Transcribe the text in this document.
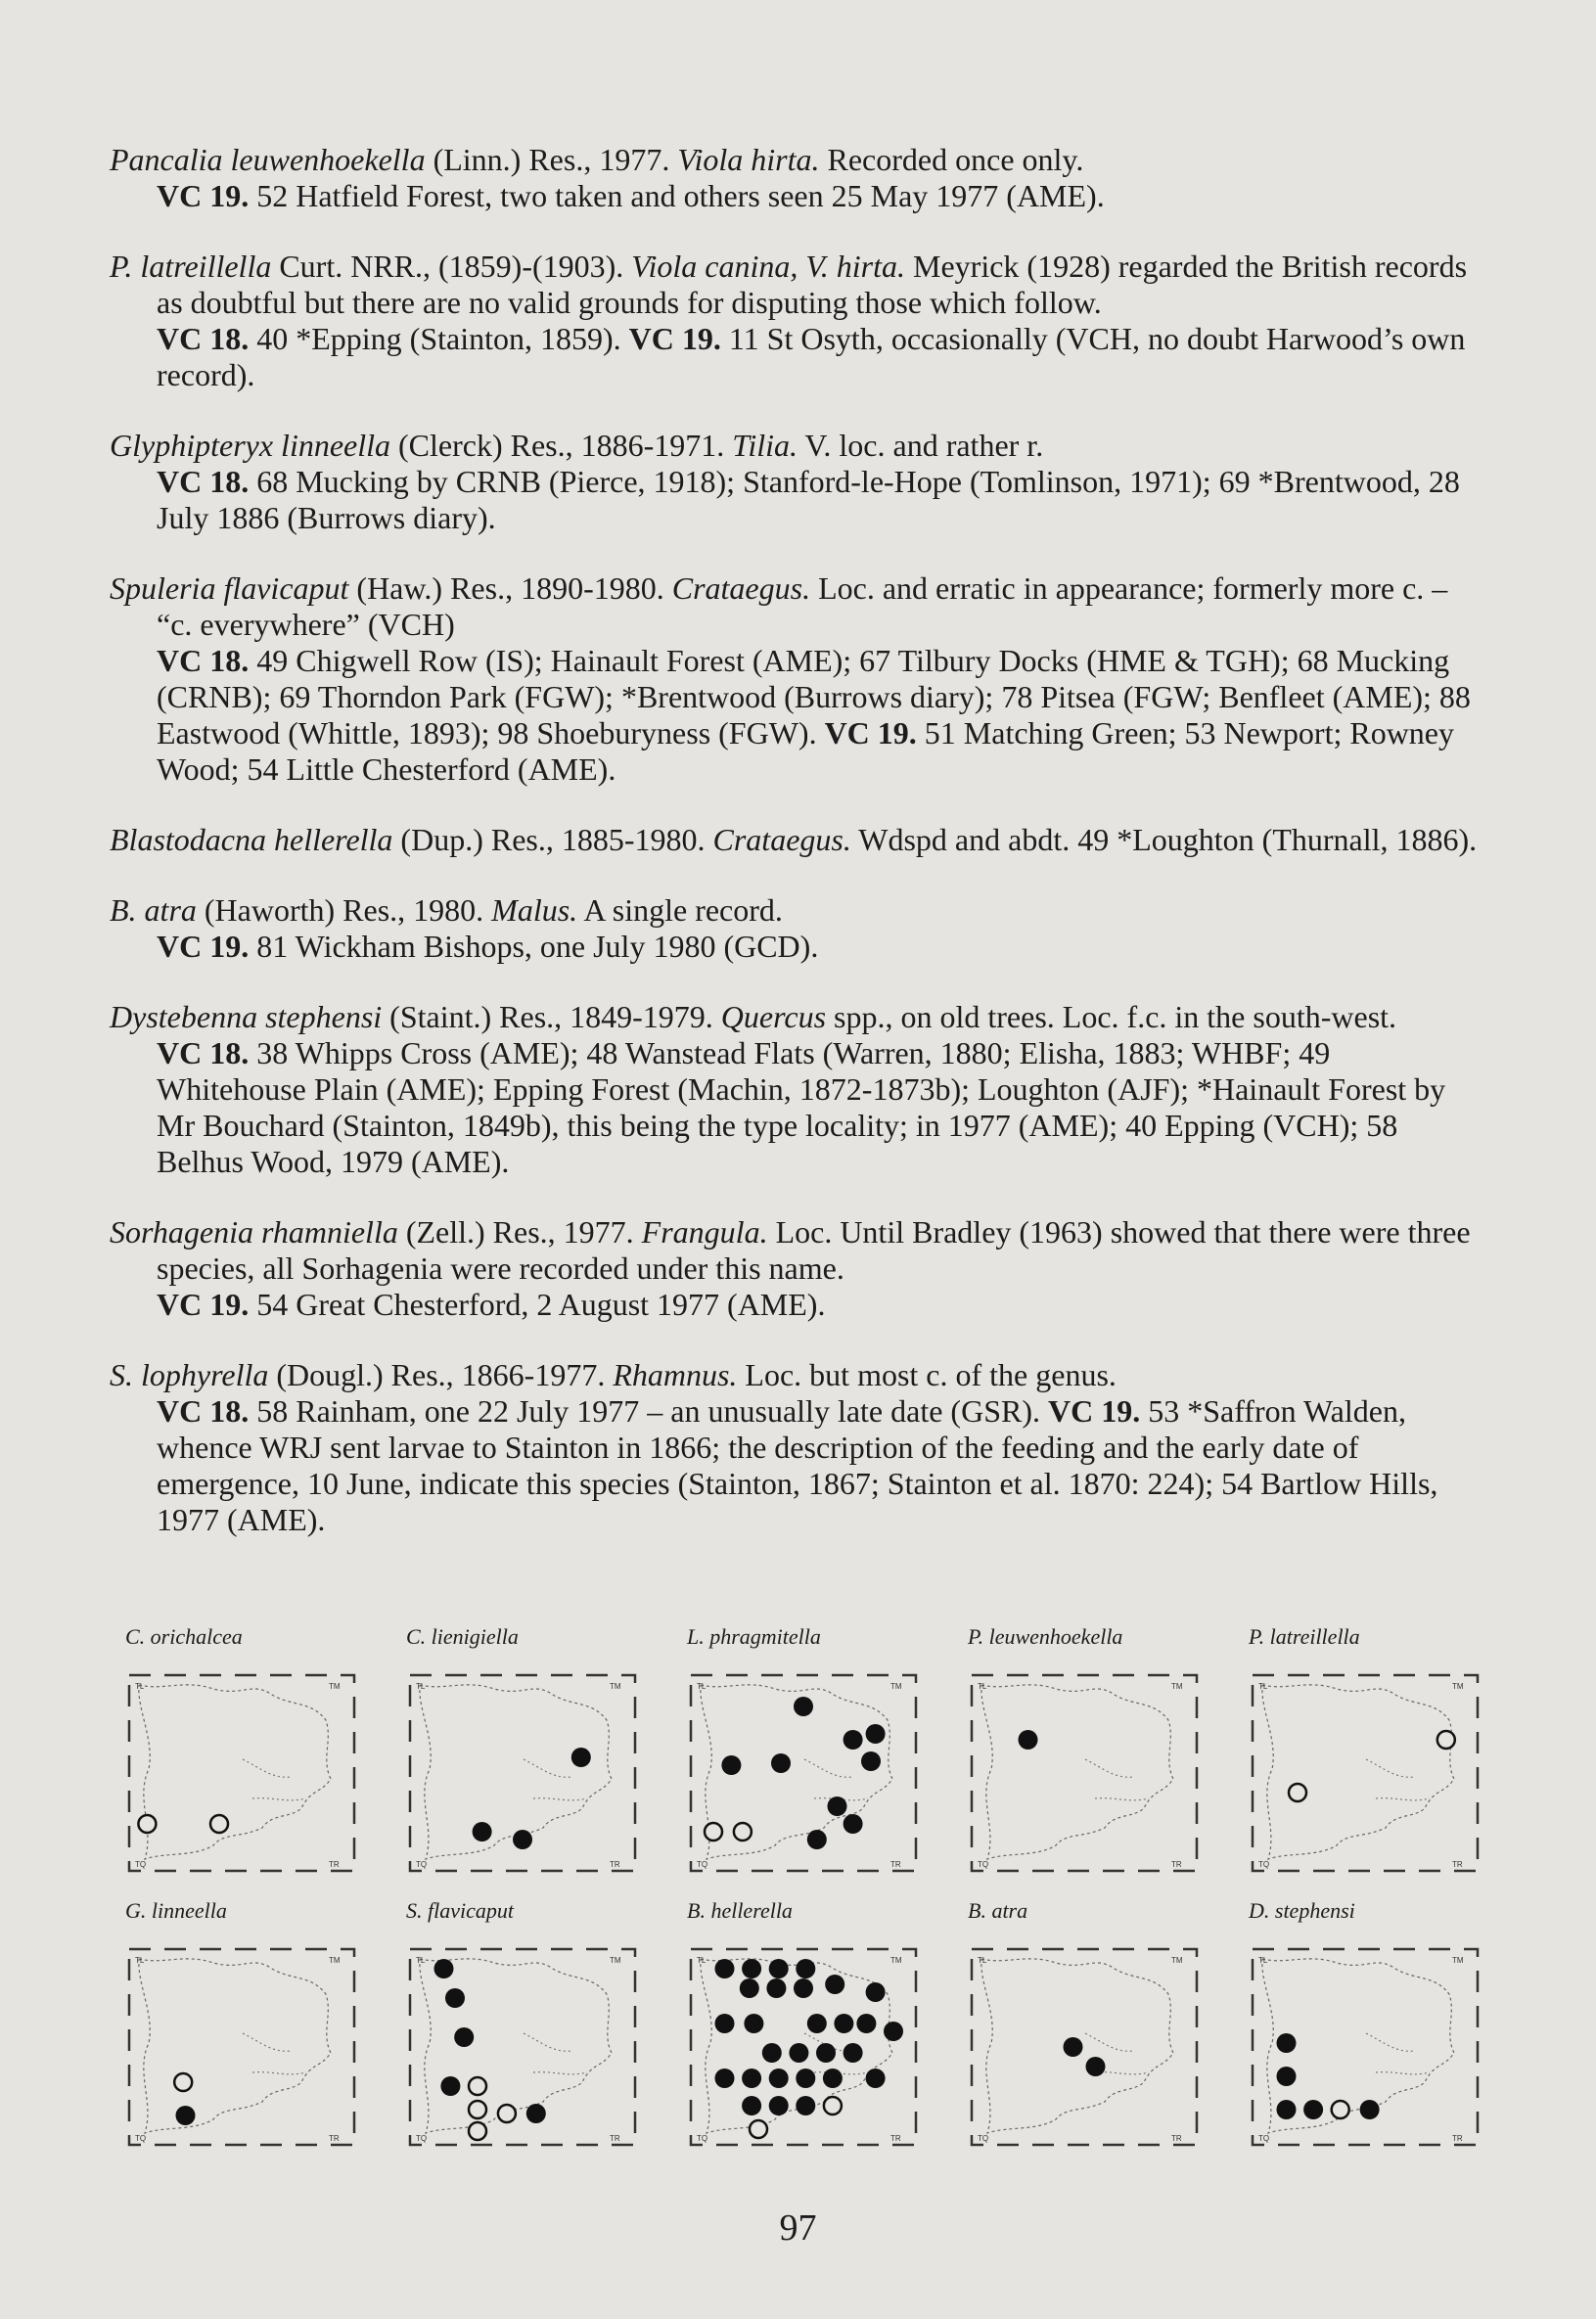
Pancalia leuwenhoekella (Linn.) Res., 1977. Viola hirta. Recorded once only.

VC 19. 52 Hatfield Forest, two taken and others seen 25 May 1977 (AME).

P. latreillella Curt. NRR., (1859)-(1903). Viola canina, V. hirta. Meyrick (1928) regarded the British records as doubtful but there are no valid grounds for disputing those which follow.

VC 18. 40 *Epping (Stainton, 1859). VC 19. 11 St Osyth, occasionally (VCH, no doubt Harwood’s own record).

Glyphipteryx linneella (Clerck) Res., 1886-1971. Tilia. V. loc. and rather r.

VC 18. 68 Mucking by CRNB (Pierce, 1918); Stanford-le-Hope (Tomlinson, 1971); 69 *Brentwood, 28 July 1886 (Burrows diary).

Spuleria flavicaput (Haw.) Res., 1890-1980. Crataegus. Loc. and erratic in appearance; formerly more c. – “c. everywhere” (VCH)

VC 18. 49 Chigwell Row (IS); Hainault Forest (AME); 67 Tilbury Docks (HME & TGH); 68 Mucking (CRNB); 69 Thorndon Park (FGW); *Brentwood (Burrows diary); 78 Pitsea (FGW; Benfleet (AME); 88 Eastwood (Whittle, 1893); 98 Shoeburyness (FGW). VC 19. 51 Matching Green; 53 Newport; Rowney Wood; 54 Little Chesterford (AME).

Blastodacna hellerella (Dup.) Res., 1885-1980. Crataegus. Wdspd and abdt. 49 *Loughton (Thurnall, 1886).

B. atra (Haworth) Res., 1980. Malus. A single record.

VC 19. 81 Wickham Bishops, one July 1980 (GCD).

Dystebenna stephensi (Staint.) Res., 1849-1979. Quercus spp., on old trees. Loc. f.c. in the south-west.

VC 18. 38 Whipps Cross (AME); 48 Wanstead Flats (Warren, 1880; Elisha, 1883; WHBF; 49 Whitehouse Plain (AME); Epping Forest (Machin, 1872-1873b); Loughton (AJF); *Hainault Forest by Mr Bouchard (Stainton, 1849b), this being the type locality; in 1977 (AME); 40 Epping (VCH); 58 Belhus Wood, 1979 (AME).

Sorhagenia rhamniella (Zell.) Res., 1977. Frangula. Loc. Until Bradley (1963) showed that there were three species, all Sorhagenia were recorded under this name.

VC 19. 54 Great Chesterford, 2 August 1977 (AME).

S. lophyrella (Dougl.) Res., 1866-1977. Rhamnus. Loc. but most c. of the genus.

VC 18. 58 Rainham, one 22 July 1977 – an unusually late date (GSR). VC 19. 53 *Saffron Walden, whence WRJ sent larvae to Stainton in 1866; the description of the feeding and the early date of emergence, 10 June, indicate this species (Stainton, 1867; Stainton et al. 1870: 224); 54 Bartlow Hills, 1977 (AME).

C. orichalcea
TL	TM
TQ	TR
C. lienigiella
TL	TM
TQ	TR
L. phragmitella
TL	TM
TQ	TR
P. leuwenhoekella
TL	TM
TQ	TR
P. latreillella
TL	TM
TQ	TR
G. linneella
TL	TM
TQ	TR
S. flavicaput
TL	TM
TQ	TR
B. hellerella
TL	TM
TQ	TR
B. atra
TL	TM
TQ	TR
D. stephensi
TL	TM
TQ	TR
97
